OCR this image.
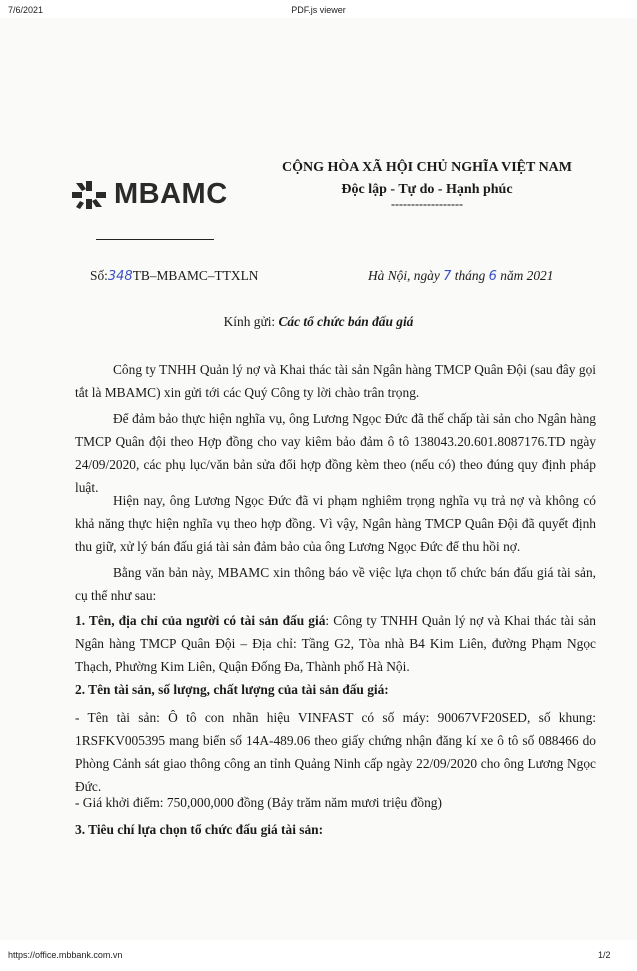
7/6/2021	PDF.js viewer
MBAMC
CỘNG HÒA XÃ HỘI CHỦ NGHĨA VIỆT NAM
Độc lập - Tự do - Hạnh phúc
------------------
Số:348TB–MBAMC–TTXLN	Hà Nội, ngày 7 tháng 6 năm 2021
Kính gửi: Các tổ chức bán đấu giá
Công ty TNHH Quản lý nợ và Khai thác tài sản Ngân hàng TMCP Quân Đội (sau đây gọi tắt là MBAMC) xin gửi tới các Quý Công ty lời chào trân trọng.
Để đảm bảo thực hiện nghĩa vụ, ông Lương Ngọc Đức đã thế chấp tài sản cho Ngân hàng TMCP Quân đội theo Hợp đồng cho vay kiêm bảo đảm ô tô 138043.20.601.8087176.TD ngày 24/09/2020, các phụ lục/văn bản sửa đổi hợp đồng kèm theo (nếu có) theo đúng quy định pháp luật.
Hiện nay, ông Lương Ngọc Đức đã vi phạm nghiêm trọng nghĩa vụ trả nợ và không có khả năng thực hiện nghĩa vụ theo hợp đồng. Vì vậy, Ngân hàng TMCP Quân Đội đã quyết định thu giữ, xử lý bán đấu giá tài sản đảm bảo của ông Lương Ngọc Đức để thu hồi nợ.
Bằng văn bản này, MBAMC xin thông báo về việc lựa chọn tổ chức bán đấu giá tài sản, cụ thể như sau:
1. Tên, địa chỉ của người có tài sản đấu giá: Công ty TNHH Quản lý nợ và Khai thác tài sản Ngân hàng TMCP Quân Đội – Địa chỉ: Tầng G2, Tòa nhà B4 Kim Liên, đường Phạm Ngọc Thạch, Phường Kim Liên, Quận Đống Đa, Thành phố Hà Nội.
2. Tên tài sản, số lượng, chất lượng của tài sản đấu giá:
- Tên tài sản: Ô tô con nhãn hiệu VINFAST có số máy: 90067VF20SED, số khung: 1RSFKV005395 mang biển số 14A-489.06 theo giấy chứng nhận đăng kí xe ô tô số 088466 do Phòng Cảnh sát giao thông công an tỉnh Quảng Ninh cấp ngày 22/09/2020 cho ông Lương Ngọc Đức.
- Giá khởi điểm: 750,000,000 đồng (Bảy trăm năm mươi triệu đồng)
3. Tiêu chí lựa chọn tổ chức đấu giá tài sản:
https://office.mbbank.com.vn	1/2
